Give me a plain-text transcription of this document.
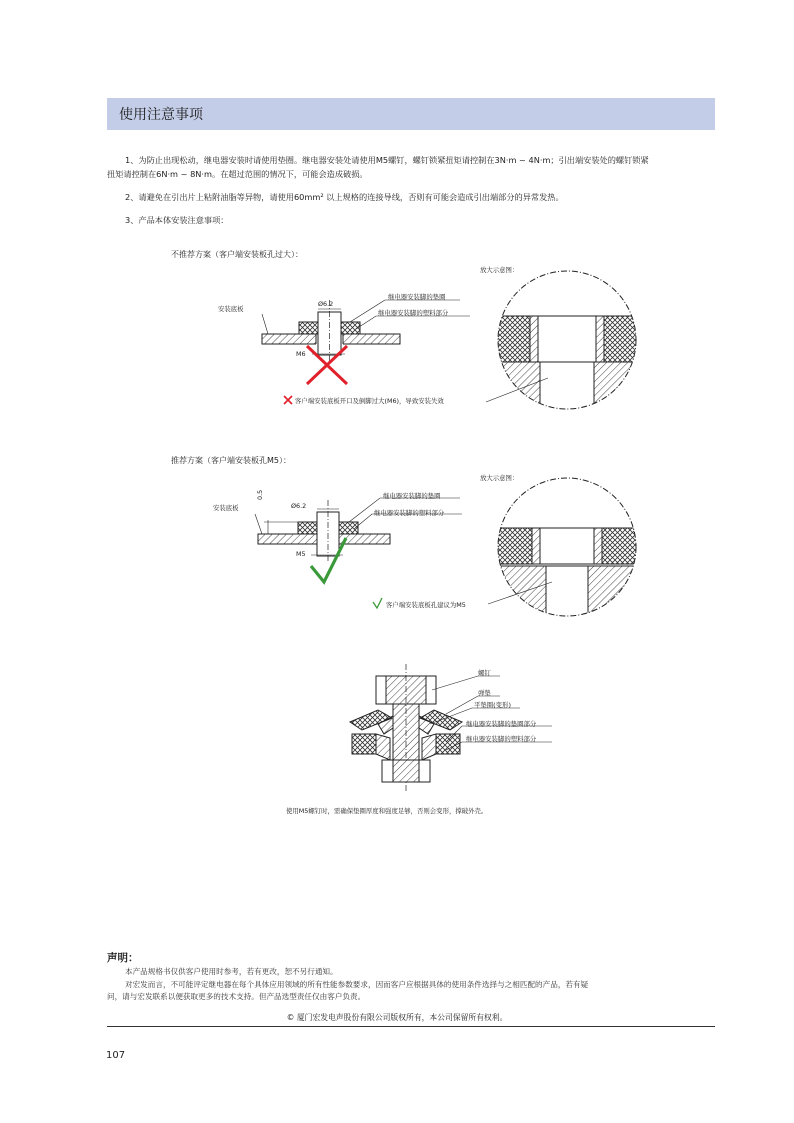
使用注意事项
1、为防止出现松动，继电器安装时请使用垫圈。继电器安装处请使用M5螺钉，螺钉锁紧扭矩请控制在3N·m ~ 4N·m；引出端安装处的螺钉锁紧
扭矩请控制在6N·m ~ 8N·m。在超过范围的情况下，可能会造成破损。
2、请避免在引出片上粘附油脂等异物，请使用60mm² 以上规格的连接导线，否则有可能会造成引出端部分的异常发热。
3、产品本体安装注意事项：
不推荐方案（客户端安装板孔过大）：
放大示意图：
安装底板
Ø6.2
M6
继电器安装脚的垫圈
继电器安装脚的塑料部分
客户端安装底板开口及倒脚过大(M6)，导致安装失效
推荐方案（客户端安装板孔M5）：
放大示意图：
安装底板
0.5
Ø6.2
M5
继电器安装脚的垫圈
继电器安装脚的塑料部分
客户端安装底板孔建议为M5
螺钉
弹垫
平垫圈(变形)
继电器安装脚的垫圈部分
继电器安装脚的塑料部分
使用M5螺钉时，需确保垫圈厚度和强度足够，否则会变形，撑破外壳。
声明：
本产品规格书仅供客户使用时参考，若有更改，恕不另行通知。
对宏发而言，不可能评定继电器在每个具体应用领域的所有性能参数要求，因而客户应根据具体的使用条件选择与之相匹配的产品，若有疑
问，请与宏发联系以便获取更多的技术支持。但产品选型责任仅由客户负责。
© 厦门宏发电声股份有限公司版权所有，本公司保留所有权利。
107
